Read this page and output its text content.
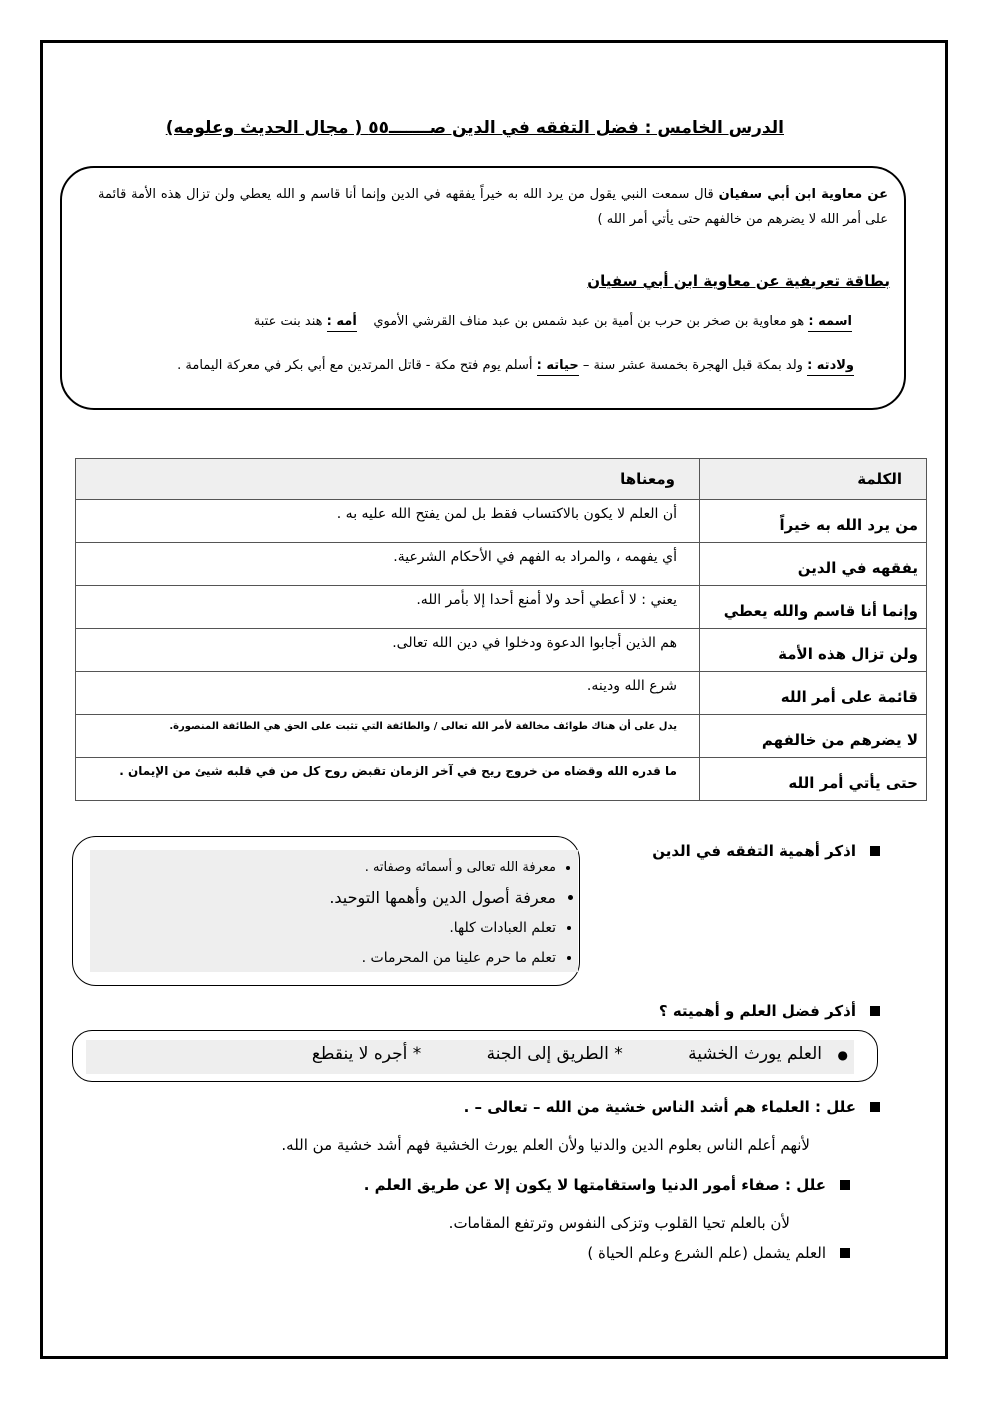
الدرس الخامس : فضل التفقه في الدين صـــــــ٥٥ ( مجال الحديث وعلومه)
عن معاوية ابن أبي سفيان قال سمعت النبي يقول من يرد الله به خيراً يفقهه في الدين وإنما أنا قاسم و الله يعطي ولن تزال هذه الأمة قائمة على أمر الله لا يضرهم من خالفهم حتى يأتي أمر الله )
بطاقة تعريفية عن معاوية ابن أبي سفيان
اسمه : هو معاوية بن صخر بن حرب بن أمية بن عبد شمس بن عبد مناف القرشي الأموي    أمه : هند بنت عتبة
ولادته : ولد بمكة قبل الهجرة بخمسة عشر سنة – حياته : أسلم يوم فتح مكة - قاتل المرتدين مع أبي بكر في معركة اليمامة .
الكلمة	ومعناها
من يرد الله به خيراً	أن العلم لا يكون بالاكتساب فقط بل لمن يفتح الله عليه به .
يفقهه في الدين	أي يفهمه ، والمراد به الفهم في الأحكام الشرعية.
وإنما أنا قاسم والله يعطي	يعني : لا أعطي أحد ولا أمنع أحدا إلا بأمر الله.
ولن تزال هذه الأمة	هم الذين أجابوا الدعوة ودخلوا في دين الله تعالى.
قائمة على أمر الله	شرع الله ودينه.
لا يضرهم من خالفهم	يدل على أن هناك طوائف مخالفة لأمر الله تعالى / والطائفة التي تثبت على الحق هي الطائفة المنصورة.
حتى يأتي أمر الله	ما قدره الله وقضاه من خروج ريح في آخر الزمان تقبض روح كل من في قلبه شيئ من الإيمان .
اذكر أهمية التفقه في الدين
• معرفة الله تعالى و أسمائه وصفاته .
• معرفة أصول الدين وأهمها التوحيد.
• تعلم العبادات كلها.
• تعلم ما حرم علينا من المحرمات .
أذكر فضل العلم و أهميته ؟
●العلم يورث الخشية * الطريق إلى الجنة * أجره لا ينقطع
علل : العلماء هم أشد الناس خشية من الله – تعالى – .
لأنهم أعلم الناس بعلوم الدين والدنيا ولأن العلم يورث الخشية فهم أشد خشية من الله.
علل : صفاء أمور الدنيا واستقامتها لا يكون إلا عن طريق العلم .
لأن بالعلم تحيا القلوب وتزكى النفوس وترتفع المقامات.
العلم يشمل (علم الشرع وعلم الحياة )
